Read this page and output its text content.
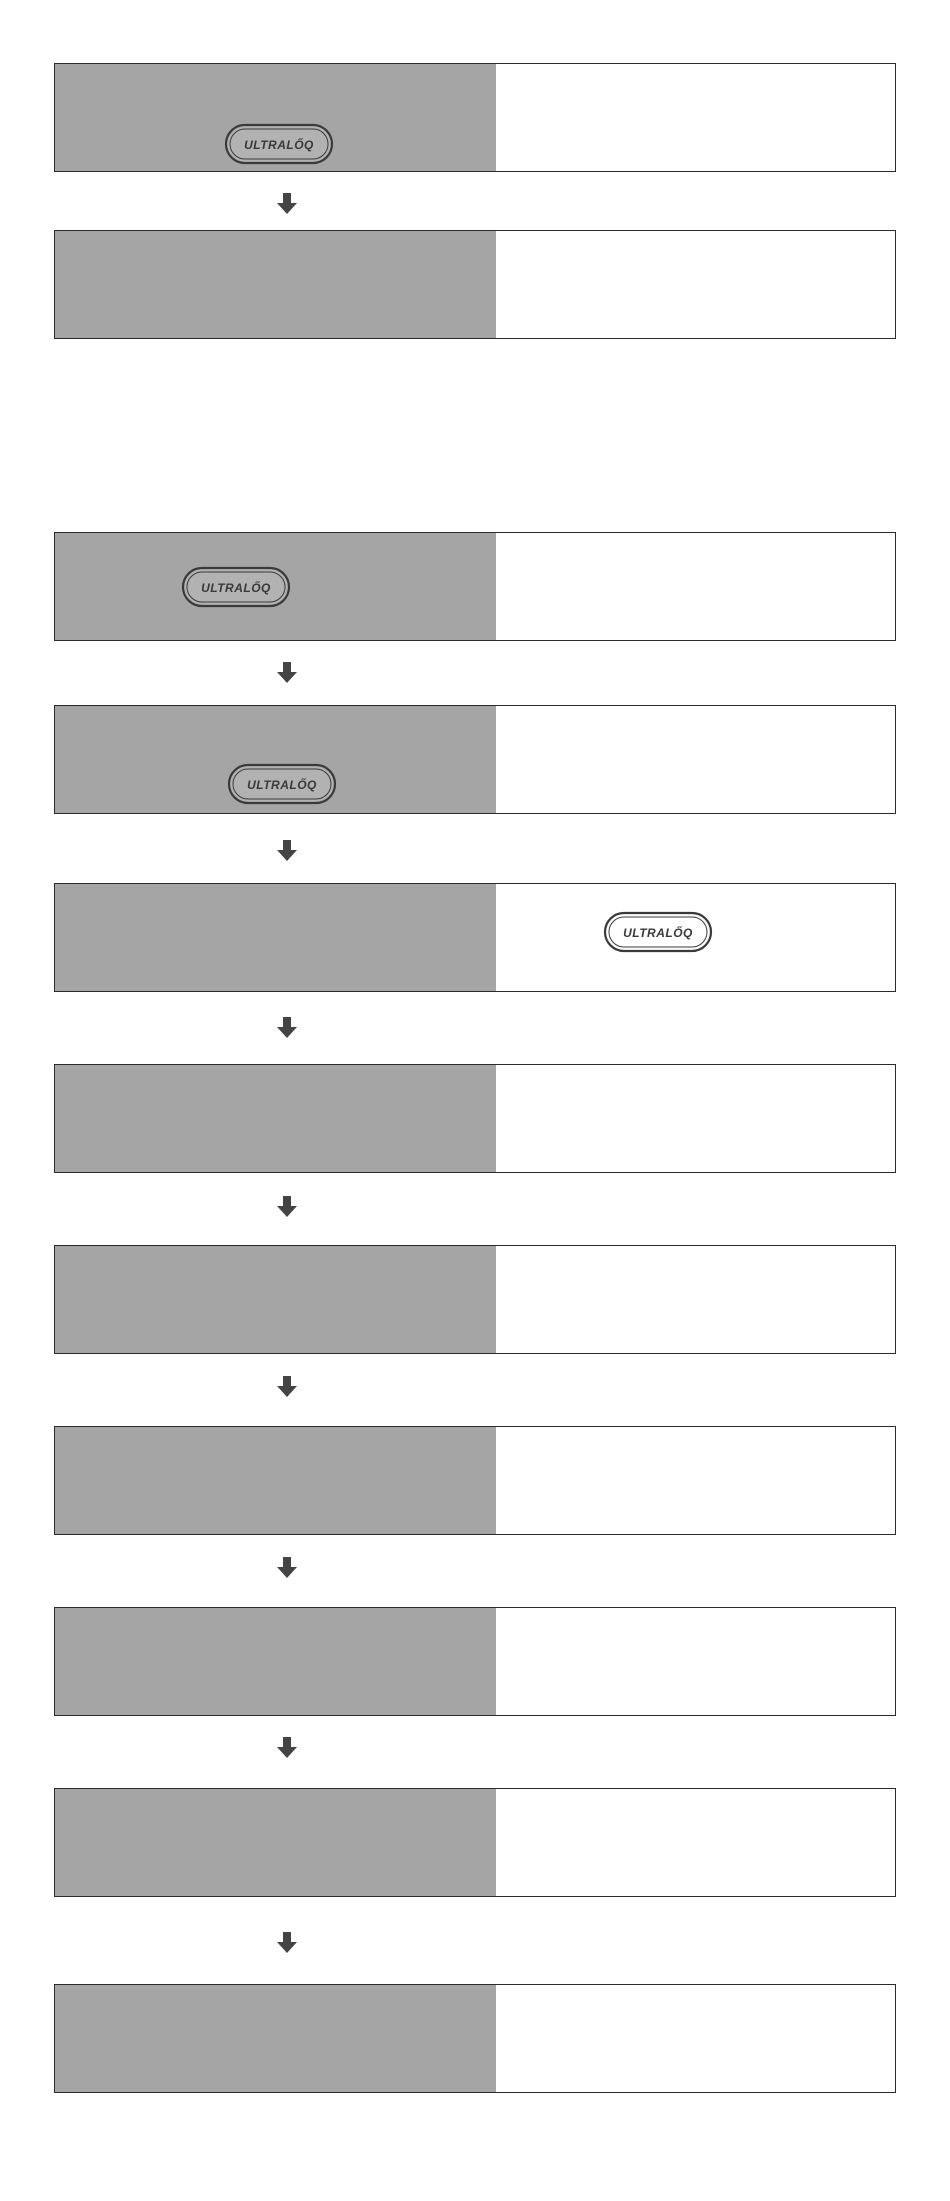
ULTRALŐQ
ULTRALŐQ
ULTRALŐQ
ULTRALŐQ
